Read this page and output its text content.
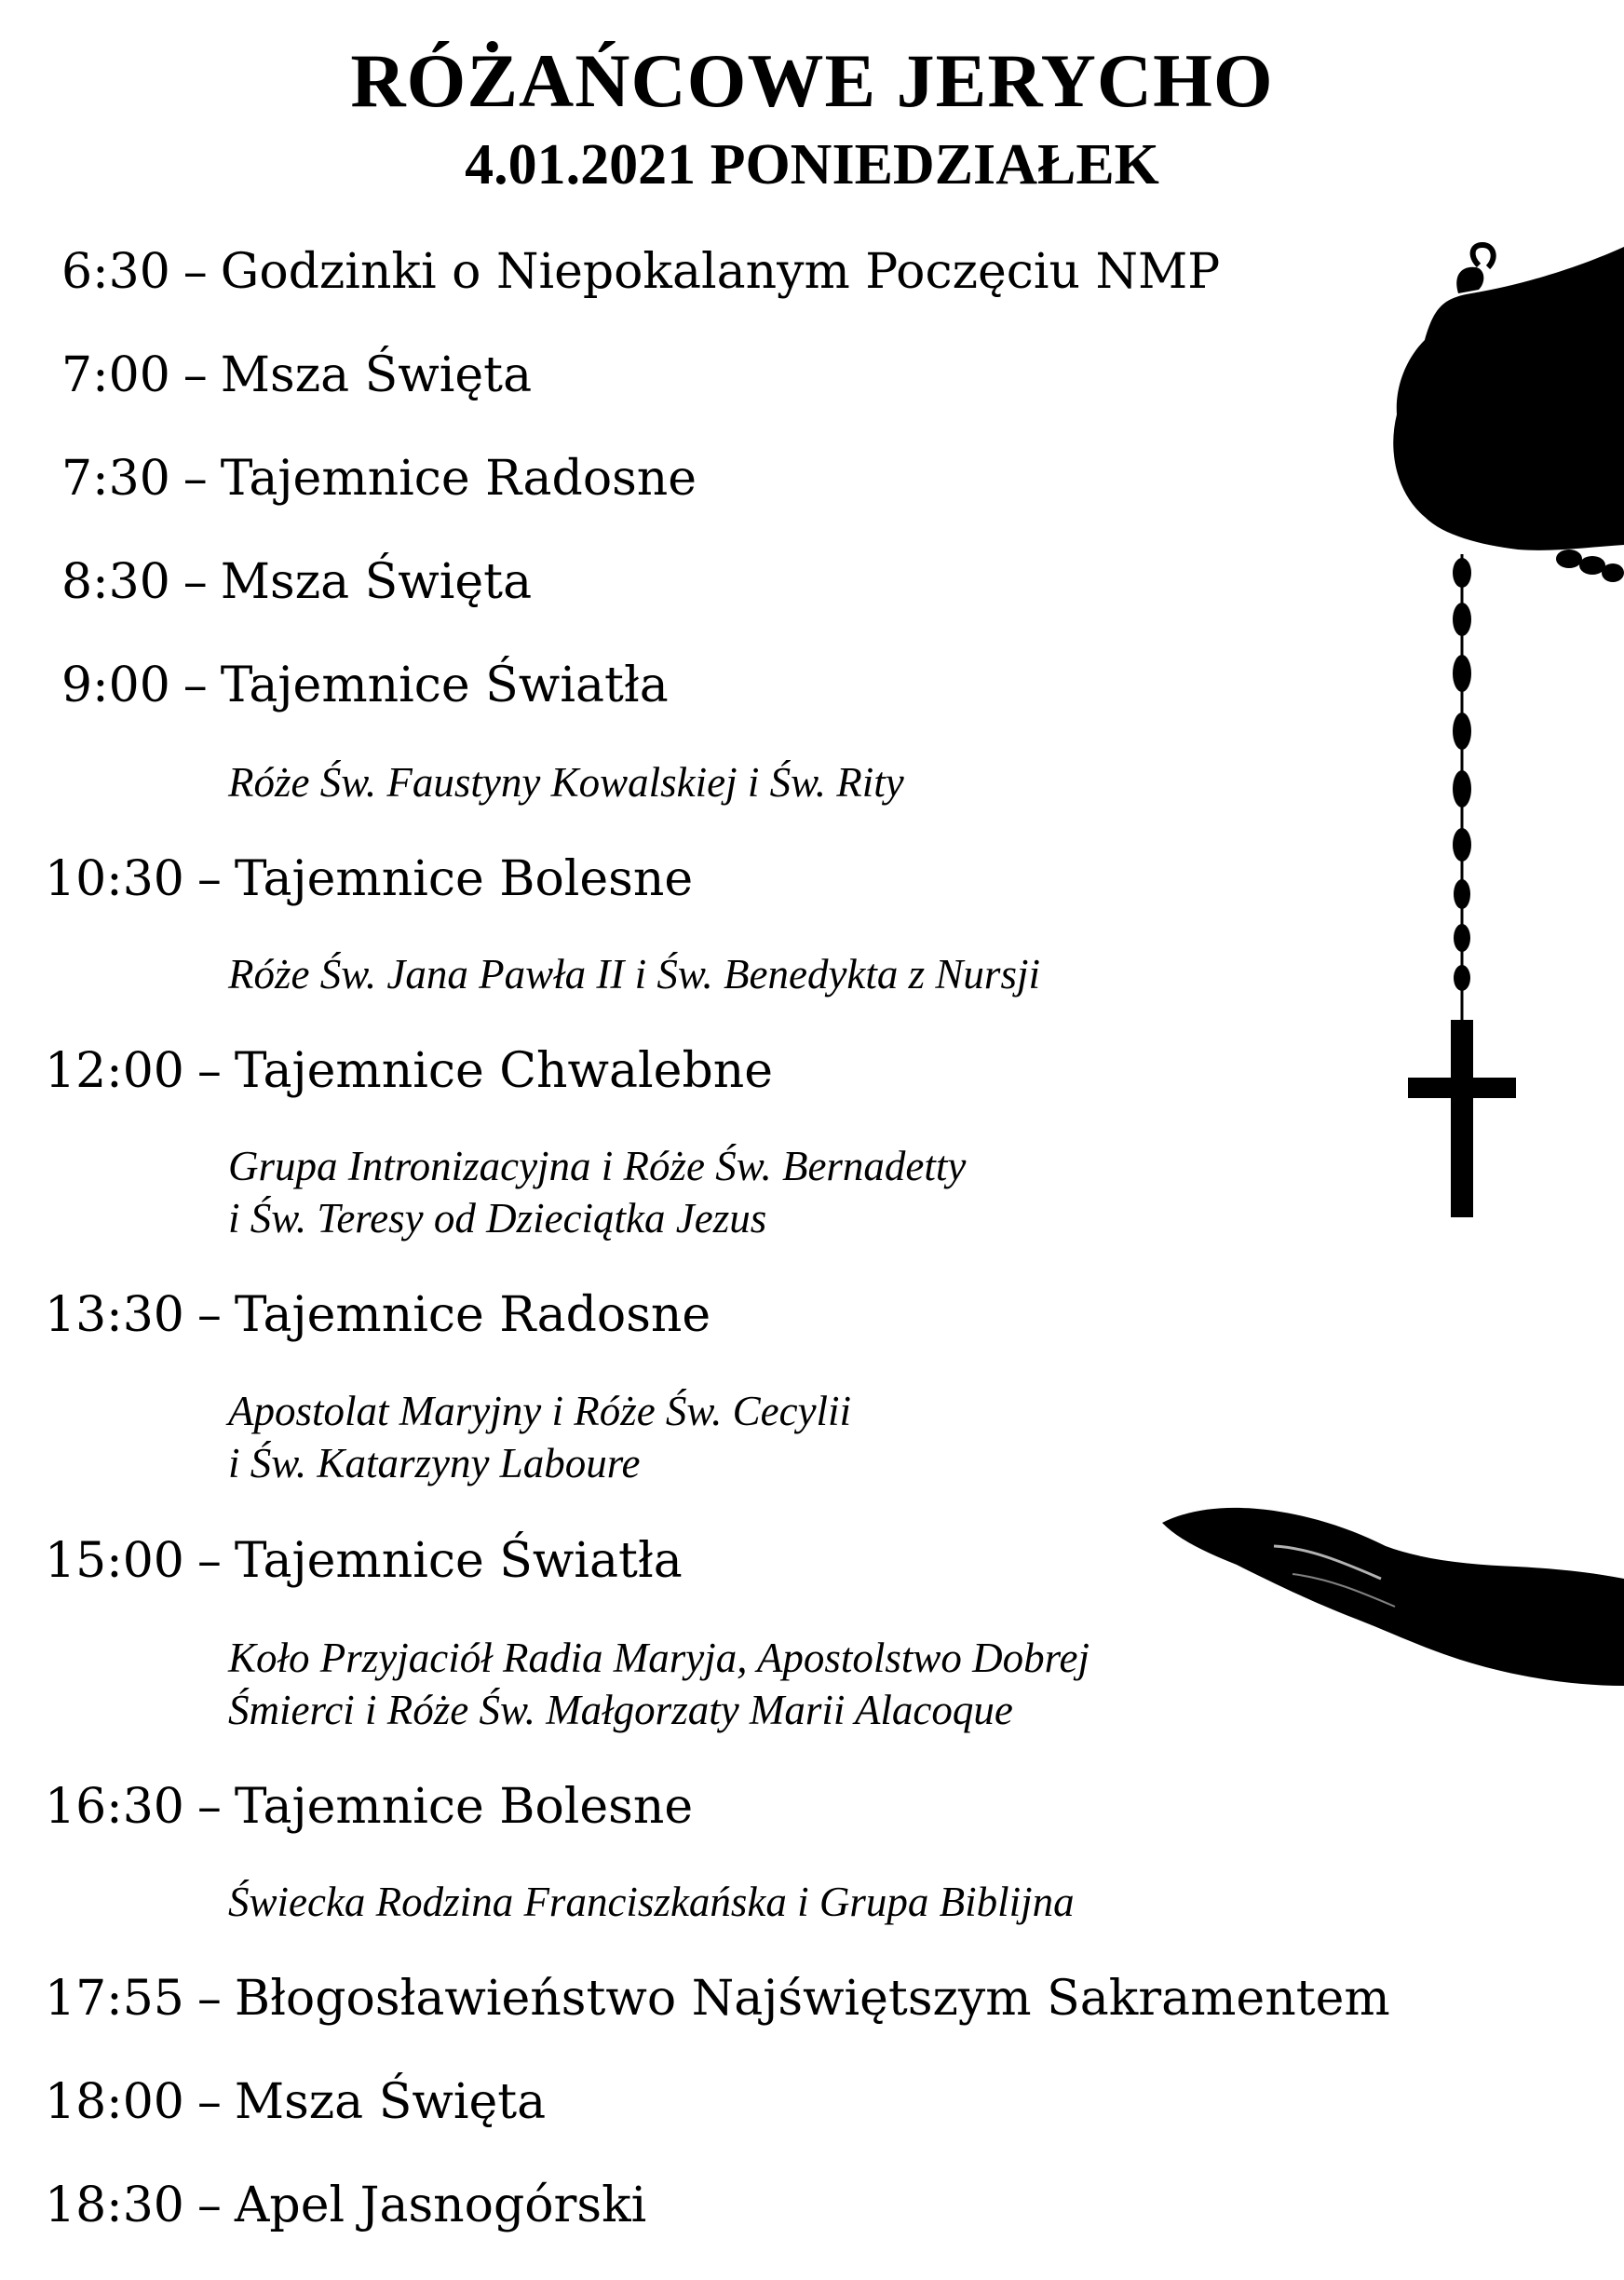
RÓŻAŃCOWE JERYCHO
4.01.2021 PONIEDZIAŁEK
6:30 – Godzinki o Niepokalanym Poczęciu NMP
7:00 – Msza Święta
7:30 – Tajemnice Radosne
8:30 – Msza Święta
9:00 – Tajemnice Światła
Róże Św. Faustyny Kowalskiej i Św. Rity
10:30 – Tajemnice Bolesne
Róże Św. Jana Pawła II i Św. Benedykta z Nursji
12:00 – Tajemnice Chwalebne
Grupa Intronizacyjna i Róże Św. Bernadetty
i Św. Teresy od Dzieciątka Jezus
13:30 – Tajemnice Radosne
Apostolat Maryjny i Róże Św. Cecylii
i Św. Katarzyny Laboure
15:00 – Tajemnice Światła
Koło Przyjaciół Radia Maryja, Apostolstwo Dobrej
Śmierci i Róże Św. Małgorzaty Marii Alacoque
16:30 – Tajemnice Bolesne
Świecka Rodzina Franciszkańska i Grupa Biblijna
17:55 – Błogosławieństwo Najświętszym Sakramentem
18:00 – Msza Święta
18:30 – Apel Jasnogórski
